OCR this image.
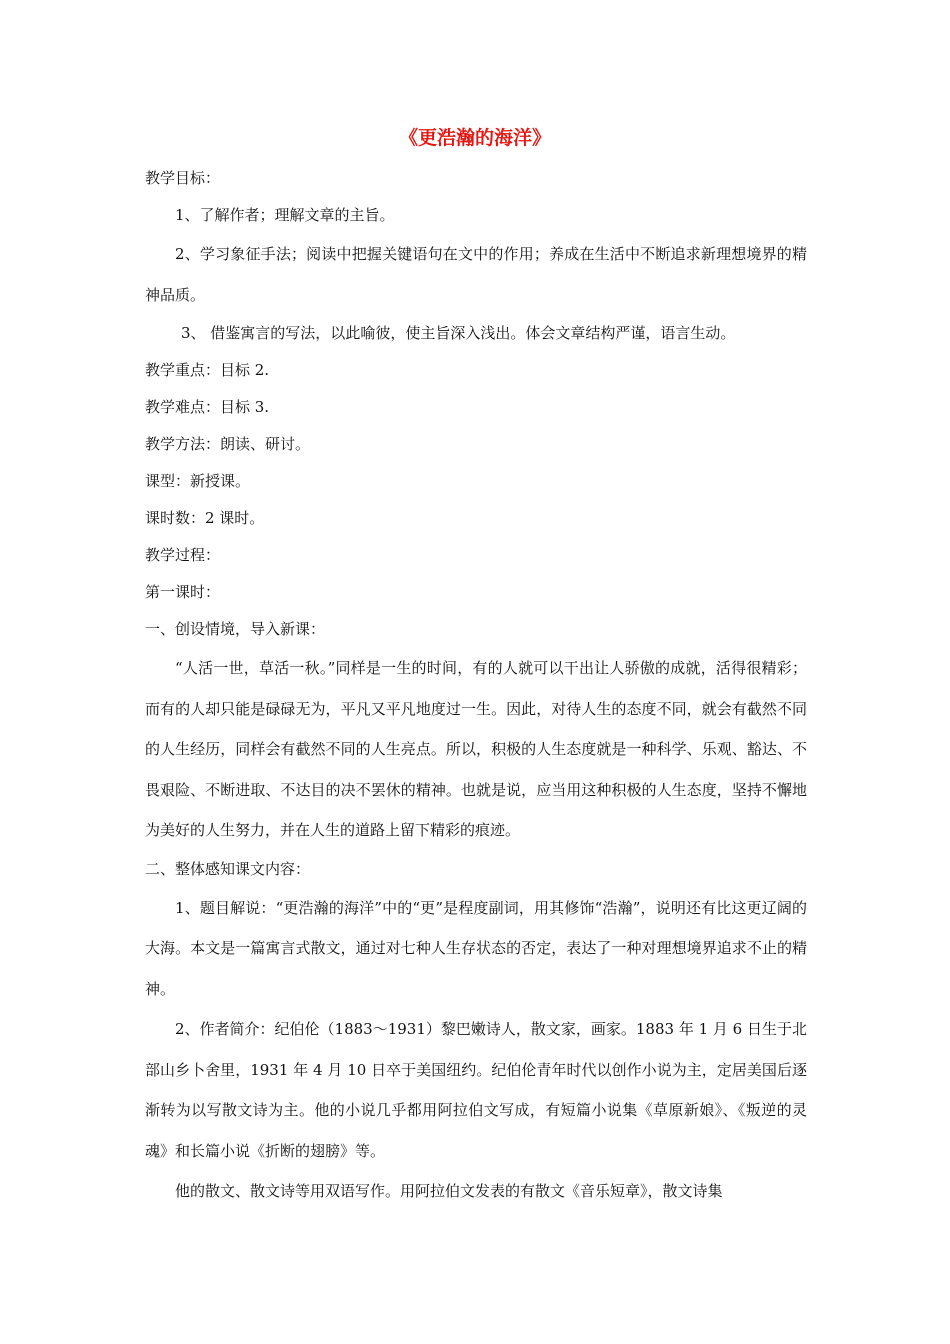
《更浩瀚的海洋》
教学目标：
1、了解作者；理解文章的主旨。

2、学习象征手法；阅读中把握关键语句在文中的作用；养成在生活中不断追求新理想境界的精神品质。

3、 借鉴寓言的写法，以此喻彼，使主旨深入浅出。体会文章结构严谨，语言生动。
教学重点：目标 2.
教学难点：目标 3.
教学方法：朗读、研讨。
课型：新授课。
课时数：2 课时。
教学过程：
第一课时：
一、创设情境，导入新课：

“人活一世，草活一秋。”同样是一生的时间，有的人就可以干出让人骄傲的成就，活得很精彩；而有的人却只能是碌碌无为，平凡又平凡地度过一生。因此，对待人生的态度不同，就会有截然不同的人生经历，同样会有截然不同的人生亮点。所以，积极的人生态度就是一种科学、乐观、豁达、不畏艰险、不断进取、不达目的决不罢休的精神。也就是说，应当用这种积极的人生态度，坚持不懈地为美好的人生努力，并在人生的道路上留下精彩的痕迹。

二、整体感知课文内容：

1、题目解说：“更浩瀚的海洋”中的“更”是程度副词，用其修饰“浩瀚”，说明还有比这更辽阔的大海。本文是一篇寓言式散文，通过对七种人生存状态的否定，表达了一种对理想境界追求不止的精神。

2、作者简介：纪伯伦（1883～1931）黎巴嫩诗人，散文家，画家。1883 年 1 月 6 日生于北部山乡卜舍里，1931 年 4 月 10 日卒于美国纽约。纪伯伦青年时代以创作小说为主，定居美国后逐渐转为以写散文诗为主。他的小说几乎都用阿拉伯文写成，有短篇小说集《草原新娘》、《叛逆的灵魂》和长篇小说《折断的翅膀》等。

他的散文、散文诗等用双语写作。用阿拉伯文发表的有散文《音乐短章》，散文诗集
